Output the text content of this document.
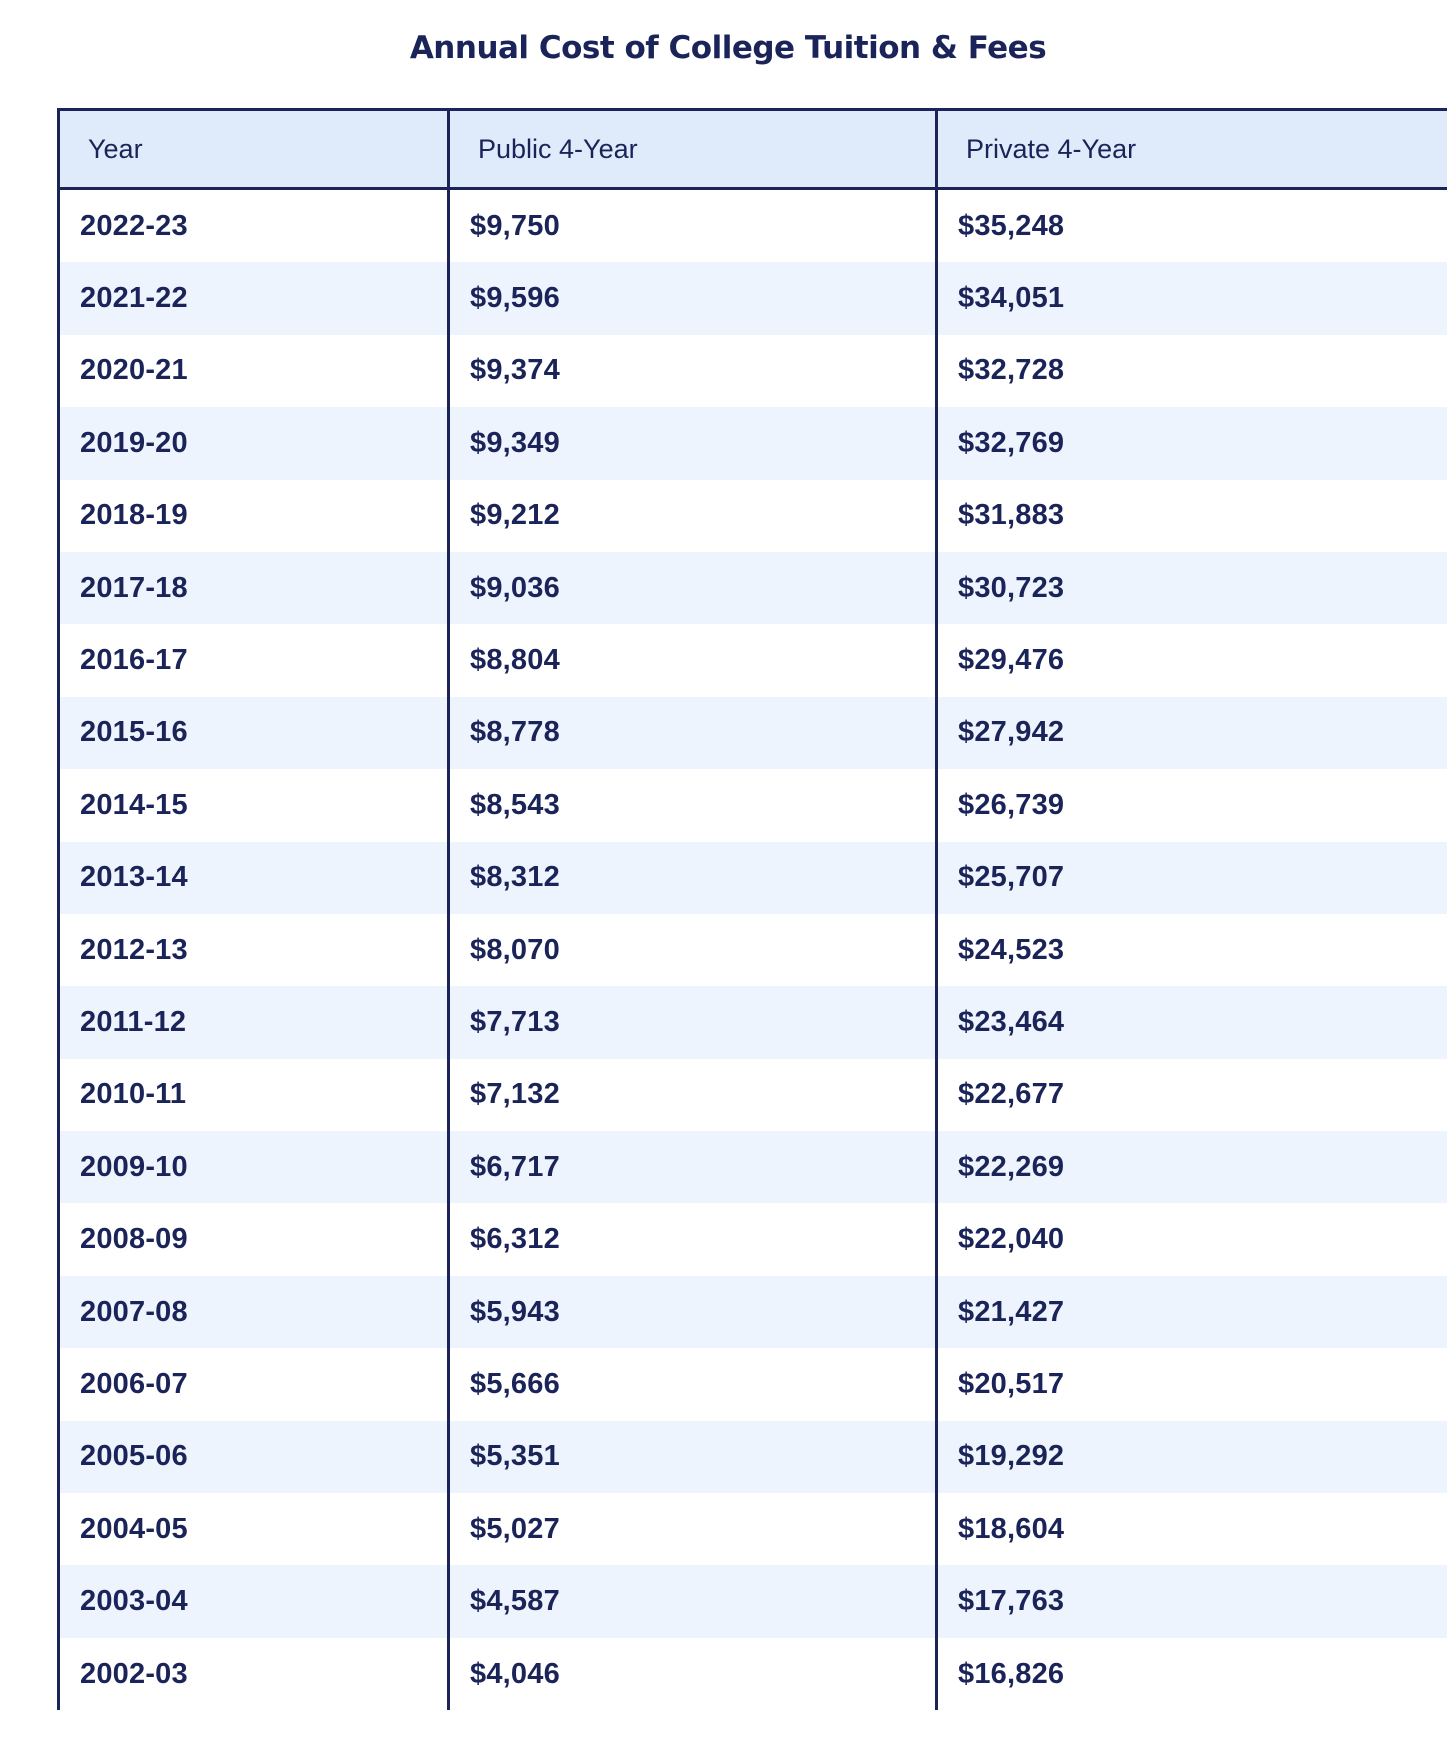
Annual Cost of College Tuition & Fees
Year	Public 4-Year	Private 4-Year
2022-23	$9,750	$35,248
2021-22	$9,596	$34,051
2020-21	$9,374	$32,728
2019-20	$9,349	$32,769
2018-19	$9,212	$31,883
2017-18	$9,036	$30,723
2016-17	$8,804	$29,476
2015-16	$8,778	$27,942
2014-15	$8,543	$26,739
2013-14	$8,312	$25,707
2012-13	$8,070	$24,523
2011-12	$7,713	$23,464
2010-11	$7,132	$22,677
2009-10	$6,717	$22,269
2008-09	$6,312	$22,040
2007-08	$5,943	$21,427
2006-07	$5,666	$20,517
2005-06	$5,351	$19,292
2004-05	$5,027	$18,604
2003-04	$4,587	$17,763
2002-03	$4,046	$16,826
